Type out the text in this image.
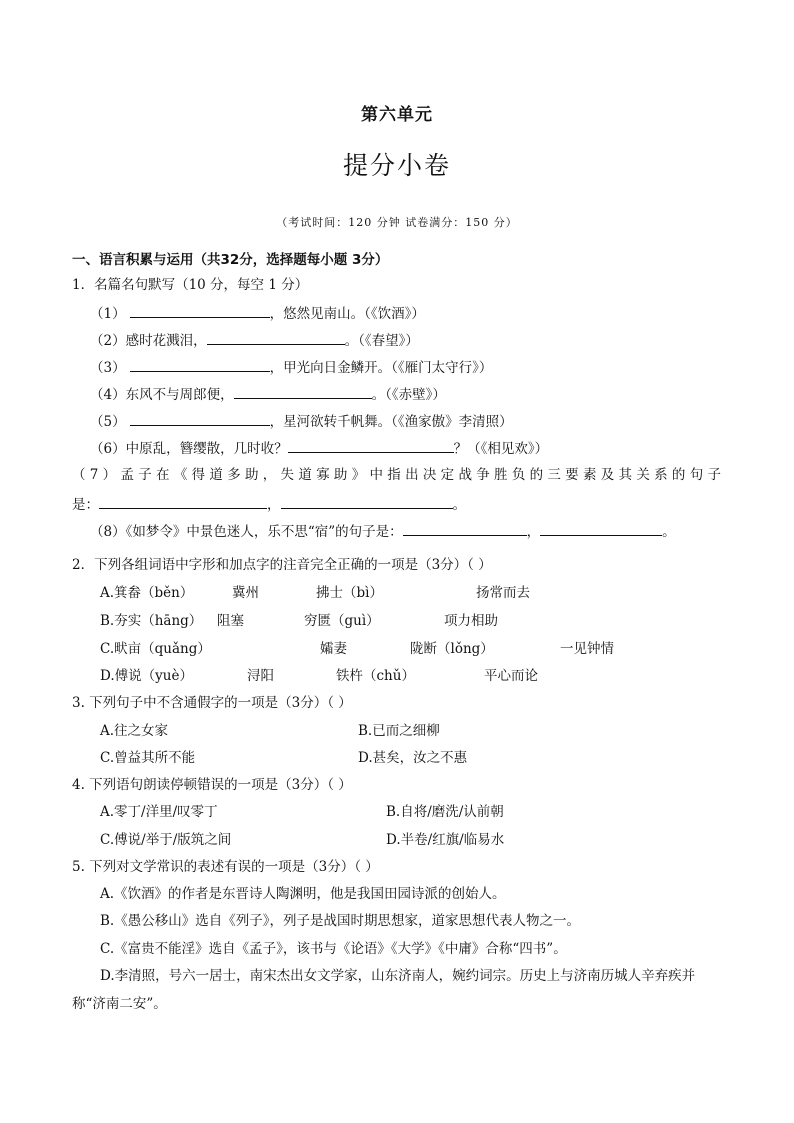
第六单元
提分小卷
（考试时间：120 分钟 试卷满分：150 分）
一、语言积累与运用（共32分，选择题每小题 3分）
1．名篇名句默写（10 分，每空 1 分）
（1）	，悠然见南山。（《饮酒》）
（2）感时花溅泪，	。（《春望》）
（3）	，甲光向日金鳞开。（《雁门太守行》）
（4）东风不与周郎便，	。（《赤壁》）
（5）	，星河欲转千帆舞。（《渔家傲》李清照）
（6）中原乱，簪缨散，几时收？	？（《相见欢》）
（7）孟子在《得道多助，失道寡助》中指出决定战争胜负的三要素及其关系的句子
是：	，	。
（8）《如梦令》中景色迷人，乐不思“宿”的句子是：	，	。
2．下列各组词语中字形和加点字的注音完全正确的一项是（3分）（ ）
A.箕畚（běn）	冀州	拂士（bì）	扬常而去
B.夯实（hāng） 阻塞	穷匮（guì）	项力相助
C.畎亩（quǎng）	孀妻	陇断（lǒng）	一见钟情
D.傅说（yuè）	浔阳	铁杵（chǔ）	平心而论
3. 下列句子中不含通假字的一项是（3分）（ ）
A.往之女家	B.已而之细柳
C.曾益其所不能	D.甚矣，汝之不惠
4. 下列语句朗读停顿错误的一项是（3分）（ ）
A.零丁/洋里/叹零丁	B.自将/磨洗/认前朝
C.傅说/举于/版筑之间	D.半卷/红旗/临易水
5. 下列对文学常识的表述有误的一项是（3分）（ ）
A.《饮酒》的作者是东晋诗人陶渊明，他是我国田园诗派的创始人。
B.《愚公移山》选自《列子》，列子是战国时期思想家，道家思想代表人物之一。
C.《富贵不能淫》选自《孟子》，该书与《论语》《大学》《中庸》合称“四书”。
D.李清照，号六一居士，南宋杰出女文学家，山东济南人，婉约词宗。历史上与济南历城人辛弃疾并
称“济南二安”。
